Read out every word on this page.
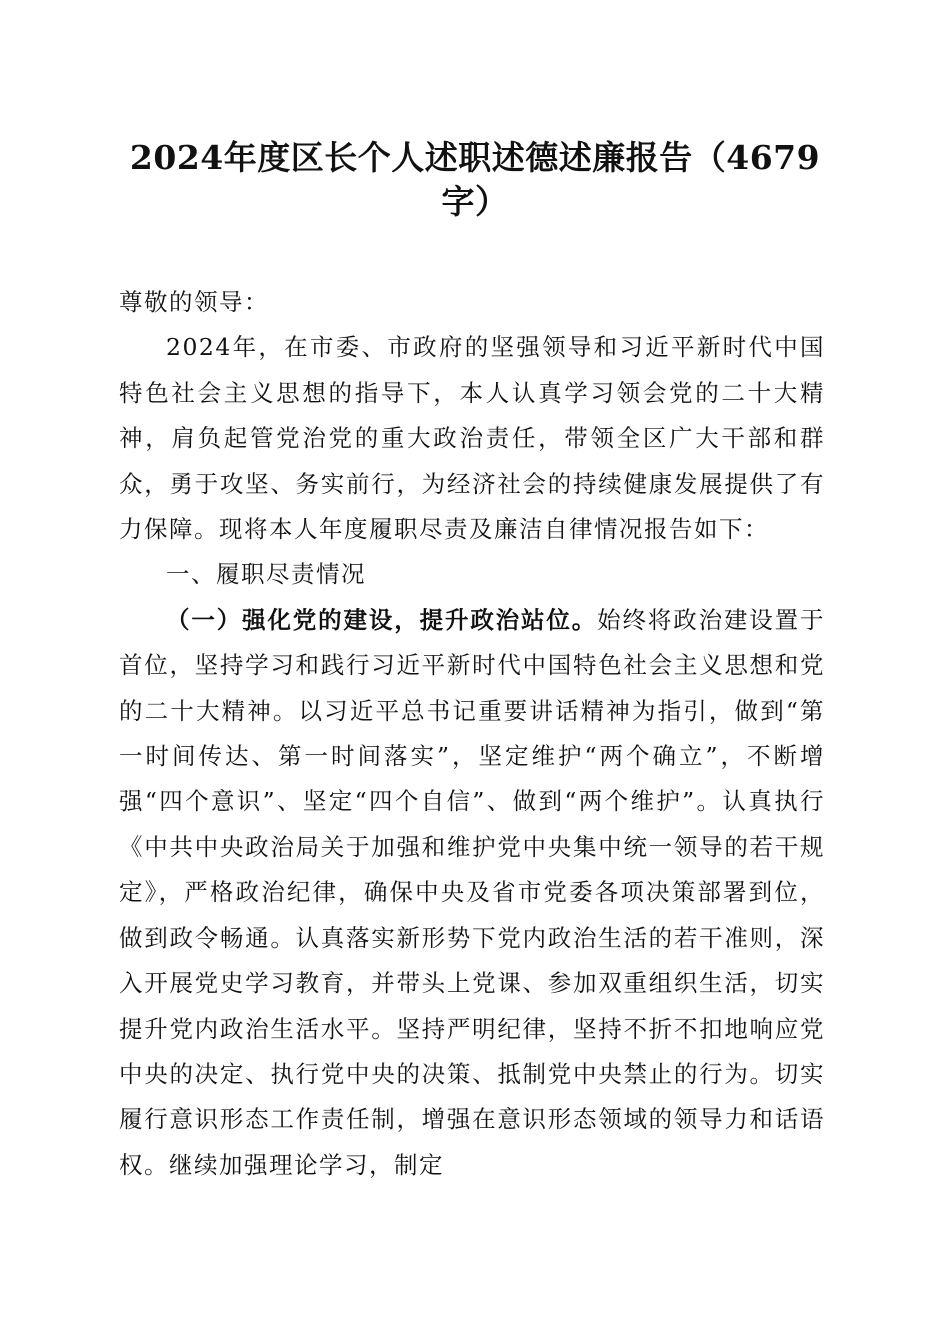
2024年度区长个人述职述德述廉报告（4679字）

尊敬的领导：

2024年，在市委、市政府的坚强领导和习近平新时代中国特色社会主义思想的指导下，本人认真学习领会党的二十大精神，肩负起管党治党的重大政治责任，带领全区广大干部和群众，勇于攻坚、务实前行，为经济社会的持续健康发展提供了有力保障。现将本人年度履职尽责及廉洁自律情况报告如下：

一、履职尽责情况

（一）强化党的建设，提升政治站位。始终将政治建设置于首位，坚持学习和践行习近平新时代中国特色社会主义思想和党的二十大精神。以习近平总书记重要讲话精神为指引，做到“第一时间传达、第一时间落实”，坚定维护“两个确立”，不断增强“四个意识”、坚定“四个自信”、做到“两个维护”。认真执行《中共中央政治局关于加强和维护党中央集中统一领导的若干规定》，严格政治纪律，确保中央及省市党委各项决策部署到位，做到政令畅通。认真落实新形势下党内政治生活的若干准则，深入开展党史学习教育，并带头上党课、参加双重组织生活，切实提升党内政治生活水平。坚持严明纪律，坚持不折不扣地响应党中央的决定、执行党中央的决策、抵制党中央禁止的行为。切实履行意识形态工作责任制，增强在意识形态领域的领导力和话语权。继续加强理论学习，制定
